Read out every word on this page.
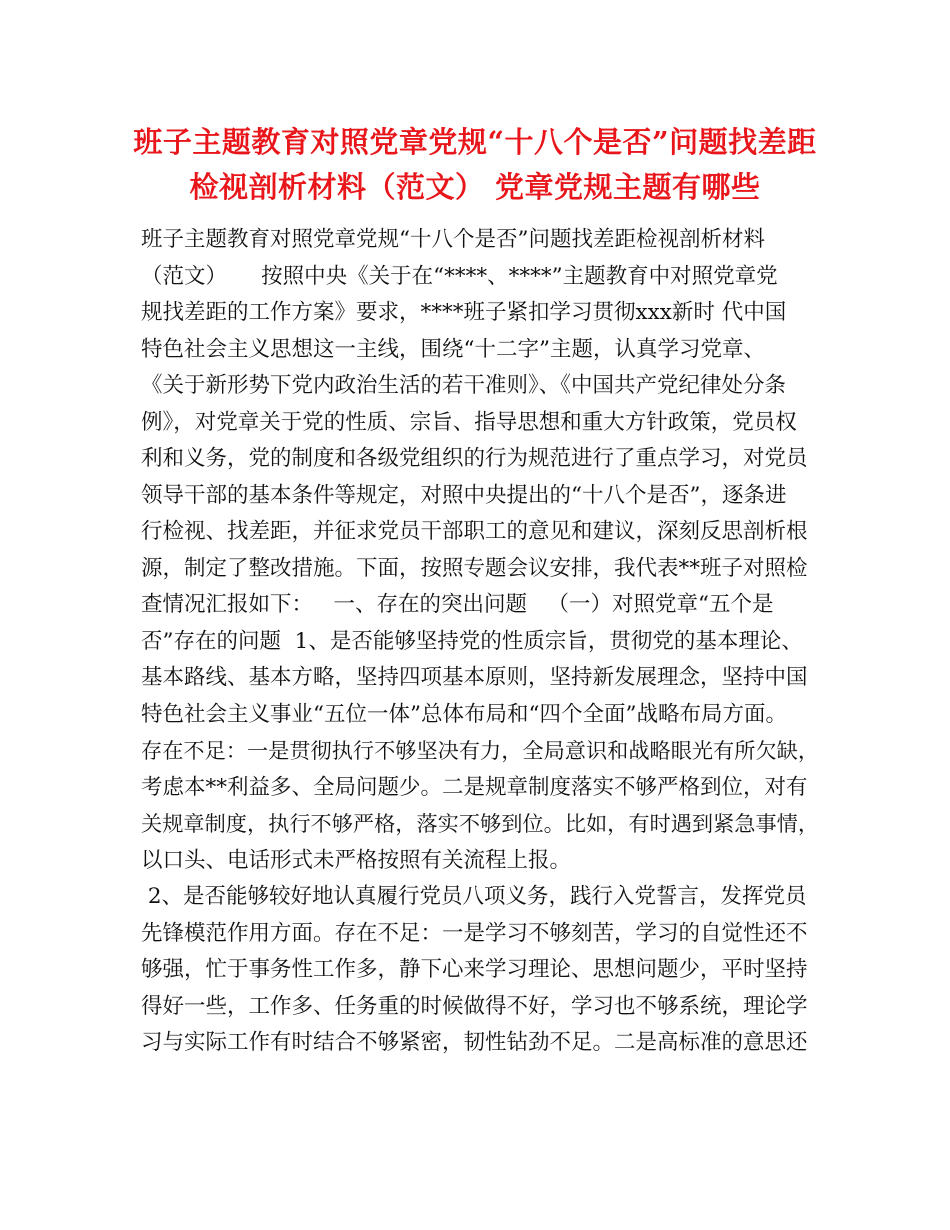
班子主题教育对照党章党规“十八个是否”问题找差距
检视剖析材料（范文） 党章党规主题有哪些
班子主题教育对照党章党规“十八个是否”问题找差距检视剖析材料
（范文）     按照中央《关于在“****、****”主题教育中对照党章党
规找差距的工作方案》要求，****班子紧扣学习贯彻xxx新时 代中国
特色社会主义思想这一主线，围绕“十二字”主题，认真学习党章、
《关于新形势下党内政治生活的若干准则》、《中国共产党纪律处分条
例》，对党章关于党的性质、宗旨、指导思想和重大方针政策，党员权
利和义务，党的制度和各级党组织的行为规范进行了重点学习，对党员
领导干部的基本条件等规定，对照中央提出的“十八个是否”，逐条进
行检视、找差距，并征求党员干部职工的意见和建议，深刻反思剖析根
源，制定了整改措施。下面，按照专题会议安排，我代表**班子对照检
查情况汇报如下：   一、存在的突出问题   （一）对照党章“五个是
否”存在的问题  1、是否能够坚持党的性质宗旨，贯彻党的基本理论、
基本路线、基本方略，坚持四项基本原则，坚持新发展理念，坚持中国
特色社会主义事业“五位一体”总体布局和“四个全面”战略布局方面。
存在不足：一是贯彻执行不够坚决有力，全局意识和战略眼光有所欠缺，
考虑本**利益多、全局问题少。二是规章制度落实不够严格到位，对有
关规章制度，执行不够严格，落实不够到位。比如，有时遇到紧急事情，
以口头、电话形式未严格按照有关流程上报。
2、是否能够较好地认真履行党员八项义务，践行入党誓言，发挥党员
先锋模范作用方面。存在不足：一是学习不够刻苦，学习的自觉性还不
够强，忙于事务性工作多，静下心来学习理论、思想问题少，平时坚持
得好一些，工作多、任务重的时候做得不好，学习也不够系统，理论学
习与实际工作有时结合不够紧密，韧性钻劲不足。二是高标准的意思还
